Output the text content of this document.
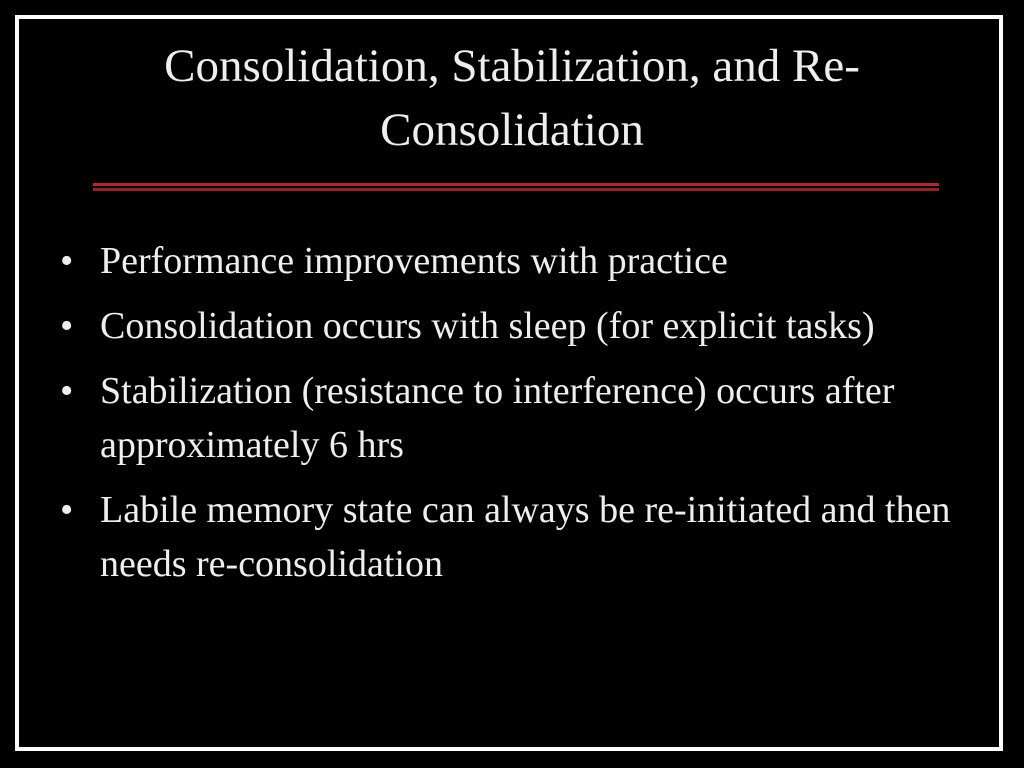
Consolidation, Stabilization, and Re-
Consolidation
• Performance improvements with practice
• Consolidation occurs with sleep (for explicit tasks)
• Stabilization (resistance to interference) occurs after approximately 6 hrs
• Labile memory state can always be re-initiated and then needs re-consolidation
